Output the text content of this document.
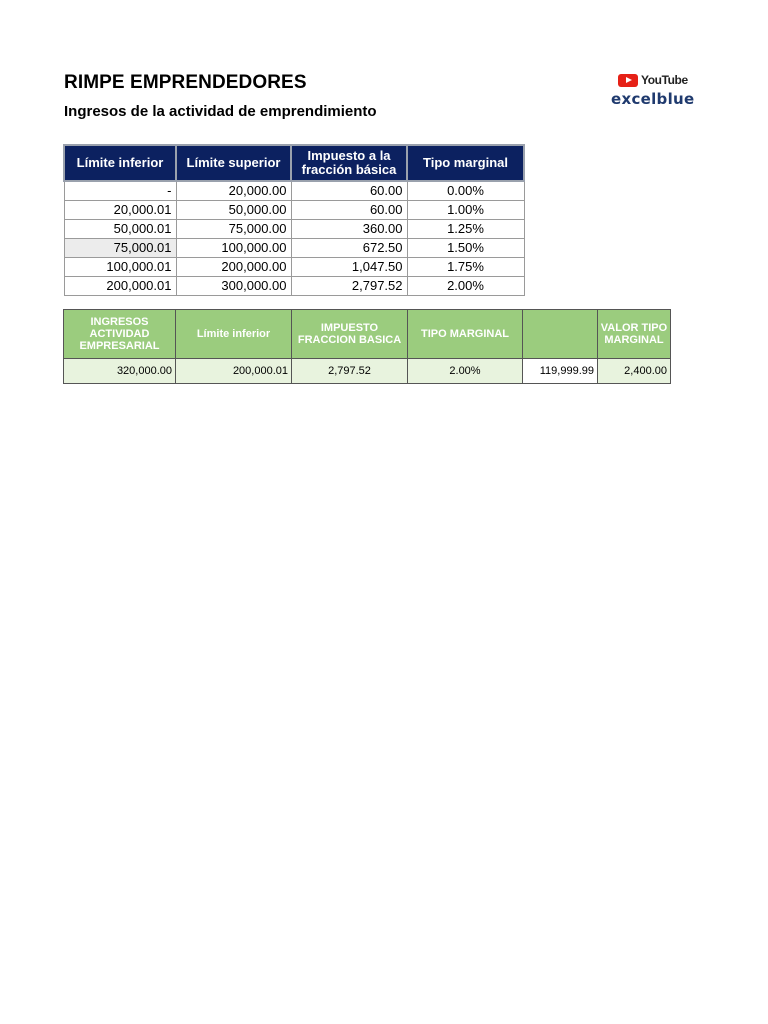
RIMPE EMPRENDEDORES
Ingresos de la actividad de emprendimiento
YouTube
excelblue
Límite inferior	Límite superior	Impuesto a la fracción básica	Tipo marginal
-	20,000.00	60.00	0.00%
20,000.01	50,000.00	60.00	1.00%
50,000.01	75,000.00	360.00	1.25%
75,000.01	100,000.00	672.50	1.50%
100,000.01	200,000.00	1,047.50	1.75%
200,000.01	300,000.00	2,797.52	2.00%
INGRESOS ACTIVIDAD EMPRESARIAL	Límite inferior	IMPUESTO FRACCION BASICA	TIPO MARGINAL		VALOR TIPO MARGINAL
320,000.00	200,000.01	2,797.52	2.00%	119,999.99	2,400.00
